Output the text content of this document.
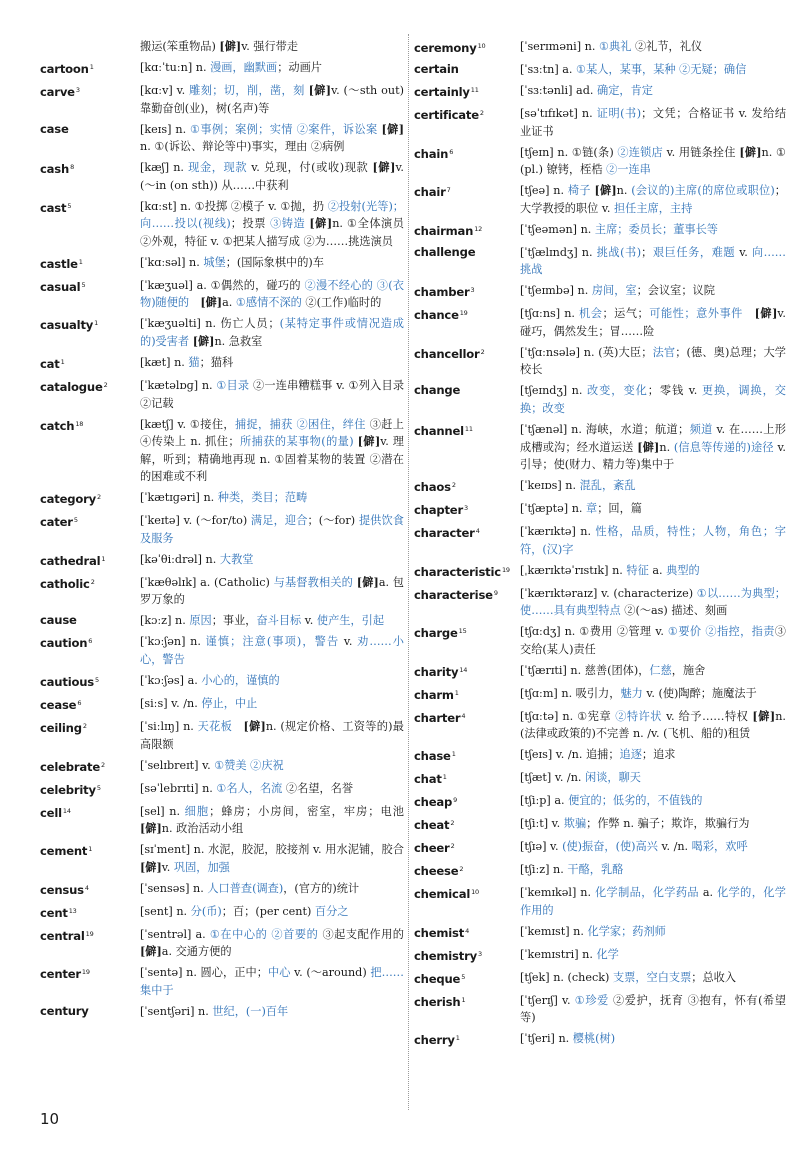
搬运(笨重物品) [僻]v. 强行带走
cartoon$^1$	[kɑːˈtuːn] n. 漫画，幽默画；动画片
carve$^3$	[kɑːv] v. 雕刻；切，削，凿，刻 [僻]v. (～sth out) 靠勤奋创(业)，树(名声)等
case	[keɪs] n. ①事例；案例；实情 ②案件，诉讼案 [僻]n. ①(诉讼、辩论等中)事实，理由 ②病例
cash$^8$	[kæʃ] n. 现金，现款 v. 兑现，付(或收)现款 [僻]v. (～in (on sth)) 从……中获利
cast$^5$	[kɑːst] n. ①投掷 ②模子 v. ①抛，扔 ②投射(光等)；向……投以(视线)；投票 ③铸造 [僻]n. ①全体演员 ②外观，特征 v. ①把某人描写成 ②为……挑选演员
castle$^1$	[ˈkɑːsəl] n. 城堡；(国际象棋中的)车
casual$^5$	[ˈkæʒuəl] a. ①偶然的，碰巧的 ②漫不经心的 ③(衣物)随便的　 [僻]a. ①感情不深的 ②(工作)临时的
casualty$^1$	[ˈkæʒuəlti] n. 伤亡人员；(某特定事件或情况造成的)受害者 [僻]n. 急救室
cat$^1$	[kæt] n. 猫；猫科
catalogue$^2$	[ˈkætəlɒɡ] n. ①目录 ②一连串糟糕事 v. ①列入目录 ②记载
catch$^{18}$	[kætʃ] v. ①接住，捕捉，捕获 ②困住，绊住 ③赶上 ④传染上 n. 抓住；所捕获的某事物(的量) [僻]v. 理解，听到；精确地再现 n. ①固着某物的装置 ②潜在的困难或不利
category$^2$	[ˈkætɪɡəri] n. 种类，类目；范畴
cater$^5$	[ˈkeɪtə] v. (～for/to) 满足，迎合；(～for) 提供饮食及服务
cathedral$^1$	[kəˈθiːdrəl] n. 大教堂
catholic$^2$	[ˈkæθəlɪk] a. (Catholic) 与基督教相关的 [僻]a. 包罗万象的
cause	[kɔːz] n. 原因；事业，奋斗目标 v. 使产生，引起
caution$^6$	[ˈkɔːʃən] n. 谨慎；注意(事项)，警告 v. 劝……小心，警告
cautious$^5$	[ˈkɔːʃəs] a. 小心的，谨慎的
cease$^6$	[siːs] v. /n. 停止，中止
ceiling$^2$	[ˈsiːlɪŋ] n. 天花板　 [僻]n. (规定价格、工资等的)最高限额
celebrate$^2$	[ˈselɪbreɪt] v. ①赞美 ②庆祝
celebrity$^5$	[səˈlebrɪti] n. ①名人，名流 ②名望，名誉
cell$^{14}$	[sel] n. 细胞；蜂房；小房间，密室，牢房；电池 [僻]n. 政治活动小组
cement$^1$	[sɪˈment] n. 水泥，胶泥，胶接剂 v. 用水泥铺，胶合 [僻]v. 巩固，加强
census$^4$	[ˈsensəs] n. 人口普查(调查)，(官方的)统计
cent$^{13}$	[sent] n. 分(币)；百；(per cent) 百分之
central$^{19}$	[ˈsentrəl] a. ①在中心的 ②首要的 ③起支配作用的 [僻]a. 交通方便的
center$^{19}$	[ˈsentə] n. 圆心，正中；中心 v. (～around) 把……集中于
century	[ˈsentʃəri] n. 世纪，(一)百年
ceremony$^{10}$	[ˈserɪməni] n. ①典礼 ②礼节，礼仪
certain	[ˈsɜːtn] a. ①某人，某事，某种 ②无疑；确信
certainly$^{11}$	[ˈsɜːtənli] ad. 确定，肯定
certificate$^2$	[səˈtɪfɪkət] n. 证明(书)；文凭；合格证书 v. 发给结业证书
chain$^6$	[tʃeɪn] n. ①链(条) ②连锁店 v. 用链条拴住 [僻]n. ①(pl.) 镣铐，桎梏 ②一连串
chair$^7$	[tʃeə] n. 椅子 [僻]n. (会议的)主席(的席位或职位)；大学教授的职位 v. 担任主席，主持
chairman$^{12}$	[ˈtʃeəmən] n. 主席；委员长；董事长等
challenge	[ˈtʃælɪndʒ] n. 挑战(书)；艰巨任务，难题 v. 向……挑战
chamber$^3$	[ˈtʃeɪmbə] n. 房间，室；会议室；议院
chance$^{19}$	[tʃɑːns] n. 机会；运气；可能性；意外事件　 [僻]v. 碰巧，偶然发生；冒……险
chancellor$^2$	[ˈtʃɑːnsələ] n. (英)大臣；法官；(德、奥)总理；大学校长
change	[tʃeɪndʒ] n. 改变，变化；零钱 v. 更换，调换，交换；改变
channel$^{11}$	[ˈtʃænəl] n. 海峡，水道；航道；频道 v. 在……上形成槽或沟；经水道运送 [僻]n. (信息等传递的)途径 v. 引导；使(财力、精力等)集中于
chaos$^2$	[ˈkeɪɒs] n. 混乱，紊乱
chapter$^3$	[ˈtʃæptə] n. 章；回，篇
character$^4$	[ˈkærɪktə] n. 性格，品质，特性；人物，角色；字符，(汉)字
characteristic$^{19}$ [ˌkærɪktəˈrɪstɪk] n. 特征 a. 典型的
characterise$^9$	[ˈkærɪktəraɪz] v. (characterize) ①以……为典型；使……具有典型特点 ②(～as) 描述、刻画
charge$^{15}$	[tʃɑːdʒ] n. ①费用 ②管理 v. ①要价 ②指控，指责③交给(某人)责任
charity$^{14}$	[ˈtʃærɪti] n. 慈善(团体)，仁慈，施舍
charm$^1$	[tʃɑːm] n. 吸引力，魅力 v. (使)陶醉；施魔法于
charter$^4$	[tʃɑːtə] n. ①宪章 ②特许状 v. 给予……特权 [僻]n. (法律或政策的)不完善 n. /v. (飞机、船的)租赁
chase$^1$	[tʃeɪs] v. /n. 追捕；追逐；追求
chat$^1$	[tʃæt] v. /n. 闲谈，聊天
cheap$^9$	[tʃiːp] a. 便宜的；低劣的，不值钱的
cheat$^2$	[tʃiːt] v. 欺骗；作弊 n. 骗子；欺诈，欺骗行为
cheer$^2$	[tʃɪə] v. (使)振奋，(使)高兴 v. /n. 喝彩，欢呼
cheese$^2$	[tʃiːz] n. 干酪，乳酪
chemical$^{10}$	[ˈkemɪkəl] n. 化学制品，化学药品 a. 化学的，化学作用的
chemist$^4$	[ˈkemɪst] n. 化学家；药剂师
chemistry$^3$	[ˈkemɪstri] n. 化学
cheque$^5$	[tʃek] n. (check) 支票，空白支票；总收入
cherish$^1$	[ˈtʃerɪʃ] v. ①珍爱 ②爱护，抚育 ③抱有，怀有(希望等)
cherry$^1$	[ˈtʃeri] n. 樱桃(树)
10
